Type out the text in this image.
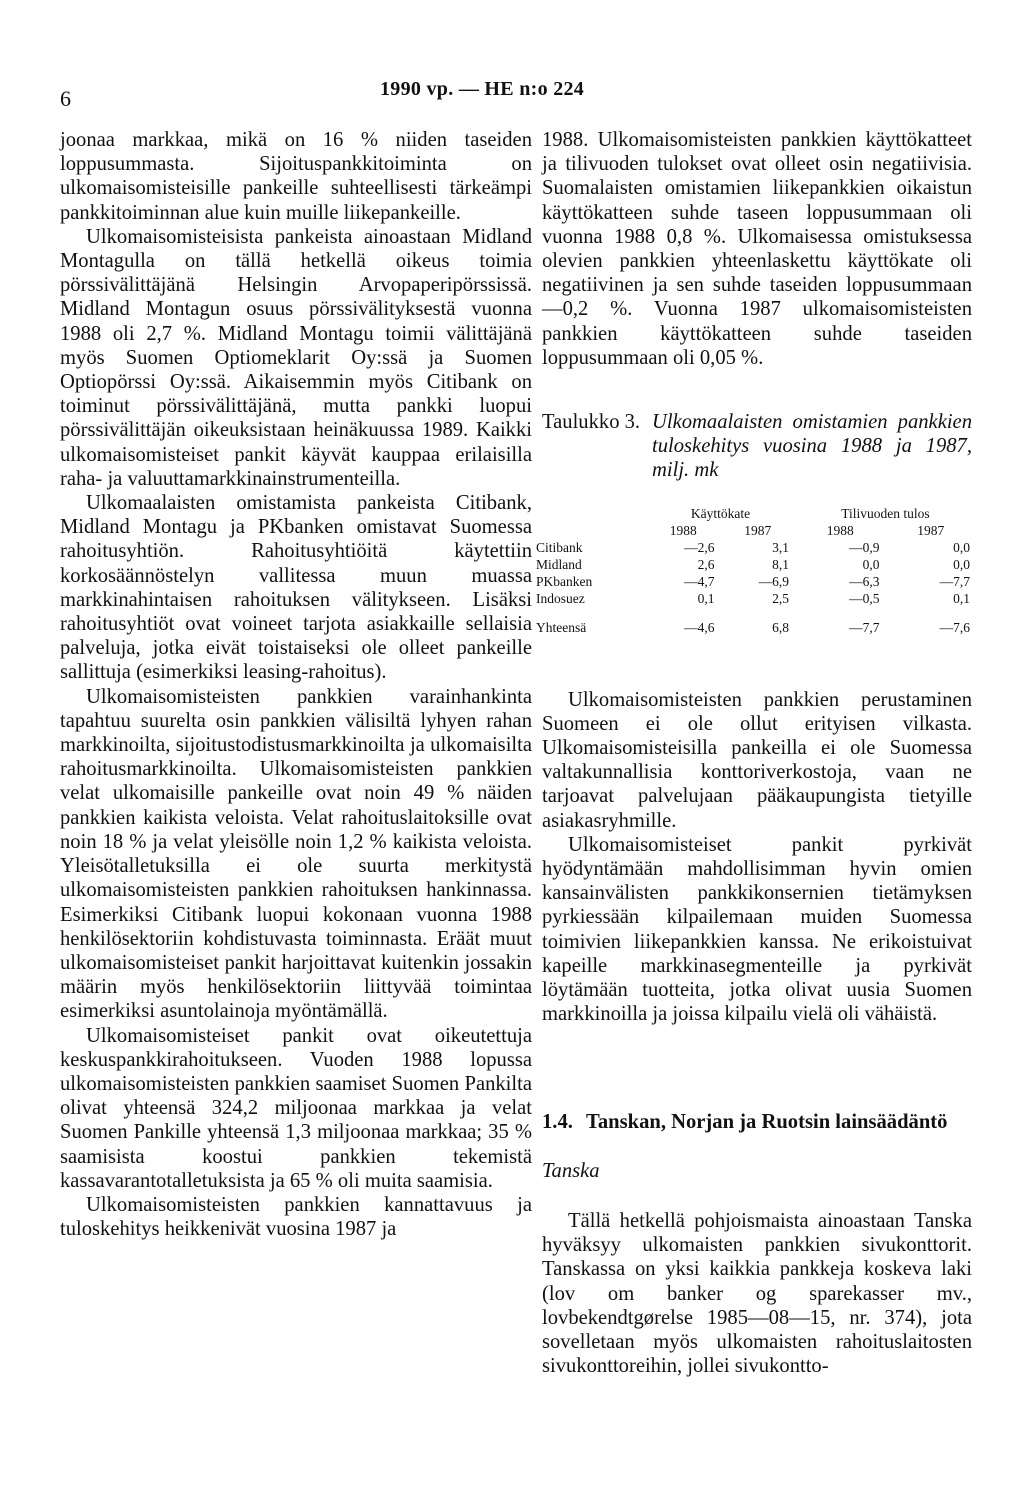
6	1990 vp. — HE n:o 224

joonaa markkaa, mikä on 16 % niiden taseiden loppusummasta. Sijoituspankkitoiminta on ulkomaisomisteisille pankeille suhteellisesti tärkeämpi pankkitoiminnan alue kuin muille liikepankeille.

Ulkomaisomisteisista pankeista ainoastaan Midland Montagulla on tällä hetkellä oikeus toimia pörssivälittäjänä Helsingin Arvopaperipörssissä. Midland Montagun osuus pörssivälityksestä vuonna 1988 oli 2,7 %. Midland Montagu toimii välittäjänä myös Suomen Optiomeklarit Oy:ssä ja Suomen Optiopörssi Oy:ssä. Aikaisemmin myös Citibank on toiminut pörssivälittäjänä, mutta pankki luopui pörssivälittäjän oikeuksistaan heinäkuussa 1989. Kaikki ulkomaisomisteiset pankit käyvät kauppaa erilaisilla raha- ja valuuttamarkkinainstrumenteilla.

Ulkomaalaisten omistamista pankeista Citibank, Midland Montagu ja PKbanken omistavat Suomessa rahoitusyhtiön. Rahoitusyhtiöitä käytettiin korkosäännöstelyn vallitessa muun muassa markkinahintaisen rahoituksen välitykseen. Lisäksi rahoitusyhtiöt ovat voineet tarjota asiakkaille sellaisia palveluja, jotka eivät toistaiseksi ole olleet pankeille sallittuja (esimerkiksi leasing-rahoitus).

Ulkomaisomisteisten pankkien varainhankinta tapahtuu suurelta osin pankkien välisiltä lyhyen rahan markkinoilta, sijoitustodistusmarkkinoilta ja ulkomaisilta rahoitusmarkkinoilta. Ulkomaisomisteisten pankkien velat ulkomaisille pankeille ovat noin 49 % näiden pankkien kaikista veloista. Velat rahoituslaitoksille ovat noin 18 % ja velat yleisölle noin 1,2 % kaikista veloista. Yleisötalletuksilla ei ole suurta merkitystä ulkomaisomisteisten pankkien rahoituksen hankinnassa. Esimerkiksi Citibank luopui kokonaan vuonna 1988 henkilösektoriin kohdistuvasta toiminnasta. Eräät muut ulkomaisomisteiset pankit harjoittavat kuitenkin jossakin määrin myös henkilösektoriin liittyvää toimintaa esimerkiksi asuntolainoja myöntämällä.

Ulkomaisomisteiset pankit ovat oikeutettuja keskuspankkirahoitukseen. Vuoden 1988 lopussa ulkomaisomisteisten pankkien saamiset Suomen Pankilta olivat yhteensä 324,2 miljoonaa markkaa ja velat Suomen Pankille yhteensä 1,3 miljoonaa markkaa; 35 % saamisista koostui pankkien tekemistä kassavarantotalletuksista ja 65 % oli muita saamisia.

Ulkomaisomisteisten pankkien kannattavuus ja tuloskehitys heikkenivät vuosina 1987 ja

1988. Ulkomaisomisteisten pankkien käyttökatteet ja tilivuoden tulokset ovat olleet osin negatiivisia. Suomalaisten omistamien liikepankkien oikaistun käyttökatteen suhde taseen loppusummaan oli vuonna 1988 0,8 %. Ulkomaisessa omistuksessa olevien pankkien yhteenlaskettu käyttökate oli negatiivinen ja sen suhde taseiden loppusummaan —0,2 %. Vuonna 1987 ulkomaisomisteisten pankkien käyttökatteen suhde taseiden loppusummaan oli 0,05 %.

Taulukko 3. Ulkomaalaisten omistamien pankkien tuloskehitys vuosina 1988 ja 1987, milj. mk
	Käyttökate		Tilivuoden tulos	
	1988	1987	1988	1987
Citibank	—2,6	3,1	—0,9	0,0
Midland	2,6	8,1	0,0	0,0
PKbanken	—4,7	—6,9	—6,3	—7,7
Indosuez	0,1	2,5	—0,5	0,1

Yhteensä	—4,6	6,8	—7,7	—7,6

Ulkomaisomisteisten pankkien perustaminen Suomeen ei ole ollut erityisen vilkasta. Ulkomaisomisteisilla pankeilla ei ole Suomessa valtakunnallisia konttoriverkostoja, vaan ne tarjoavat palvelujaan pääkaupungista tietyille asiakasryhmille.

Ulkomaisomisteiset pankit pyrkivät hyödyntämään mahdollisimman hyvin omien kansainvälisten pankkikonsernien tietämyksen pyrkiessään kilpailemaan muiden Suomessa toimivien liikepankkien kanssa. Ne erikoistuivat kapeille markkinasegmenteille ja pyrkivät löytämään tuotteita, jotka olivat uusia Suomen markkinoilla ja joissa kilpailu vielä oli vähäistä.

1.4. Tanskan, Norjan ja Ruotsin lainsäädäntö
Tanska

Tällä hetkellä pohjoismaista ainoastaan Tanska hyväksyy ulkomaisten pankkien sivukonttorit. Tanskassa on yksi kaikkia pankkeja koskeva laki (lov om banker og sparekasser mv., lovbekendtgørelse 1985—08—15, nr. 374), jota sovelletaan myös ulkomaisten rahoituslaitosten sivukonttoreihin, jollei sivukontto-
